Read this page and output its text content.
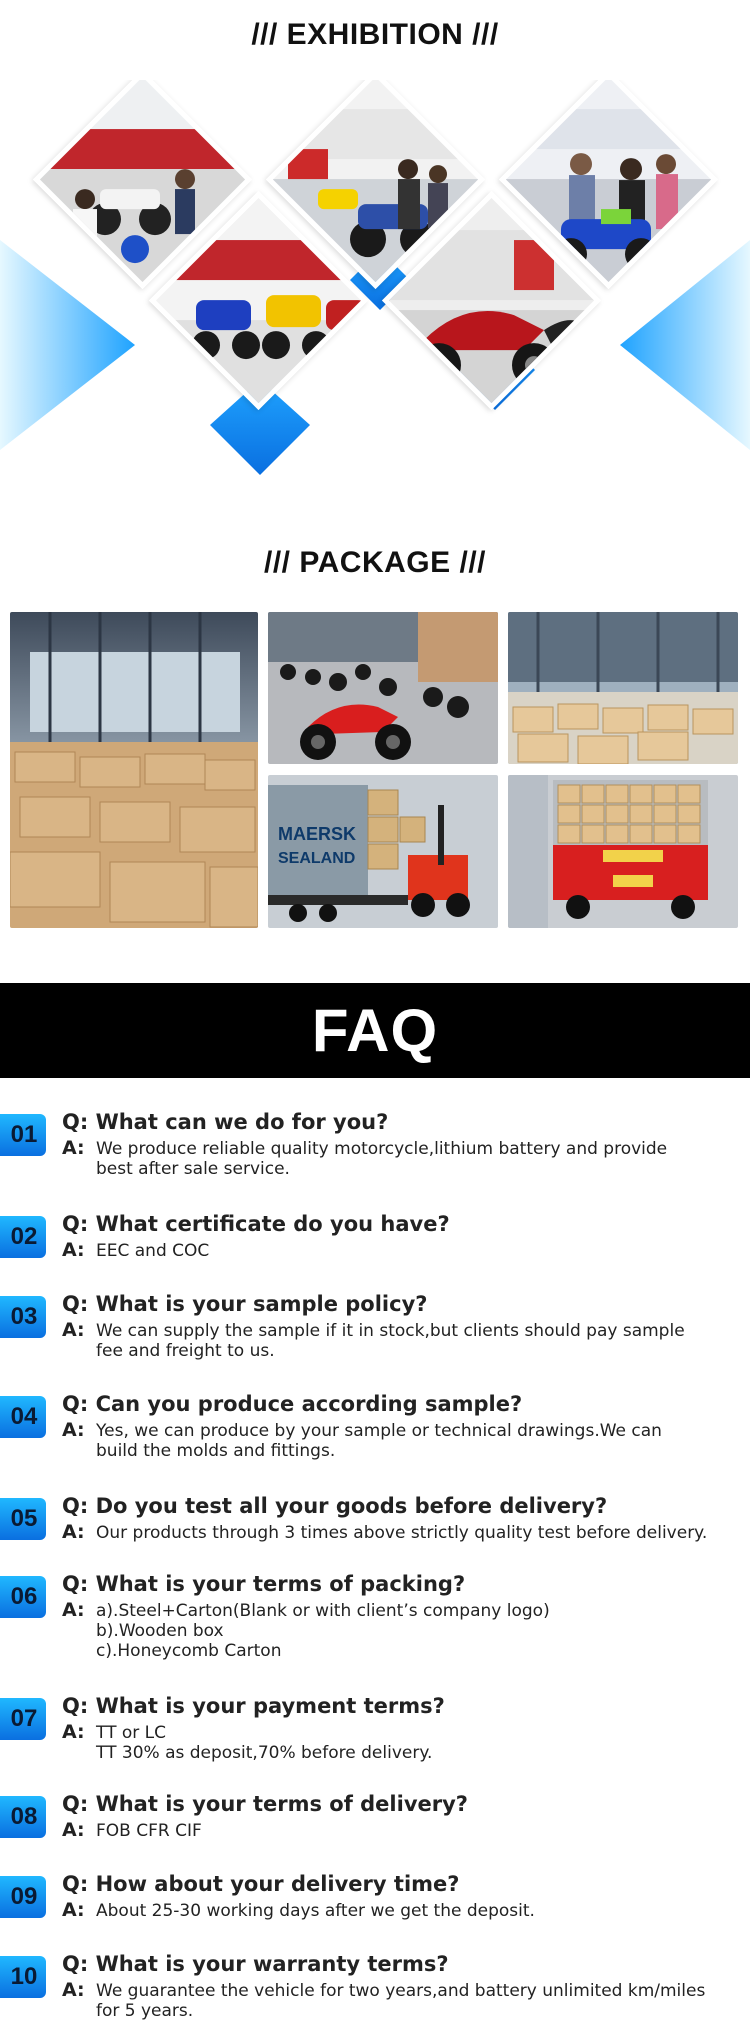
/// EXHIBITION ///
/// PACKAGE ///
MAERSK
SEALAND
FAQ
01	Q: What can we do for you?
A: We produce reliable quality motorcycle,lithium battery and provide
best after sale service.
02	Q: What certificate do you have?
A: EEC and COC
03	Q: What is your sample policy?
A: We can supply the sample if it in stock,but clients should pay sample
fee and freight to us.
04	Q: Can you produce according sample?
A: Yes, we can produce by your sample or technical drawings.We can
build the molds and fittings.
05	Q: Do you test all your goods before delivery?
A: Our products through 3 times above strictly quality test before delivery.
06	Q: What is your terms of packing?
A: a).Steel+Carton(Blank or with client’s company logo)
b).Wooden box
c).Honeycomb Carton
07	Q: What is your payment terms?
A: TT or LC
TT 30% as deposit,70% before delivery.
08	Q: What is your terms of delivery?
A: FOB CFR CIF
09	Q: How about your delivery time?
A: About 25-30 working days after we get the deposit.
10	Q: What is your warranty terms?
A: We guarantee the vehicle for two years,and battery unlimited km/miles
for 5 years.
